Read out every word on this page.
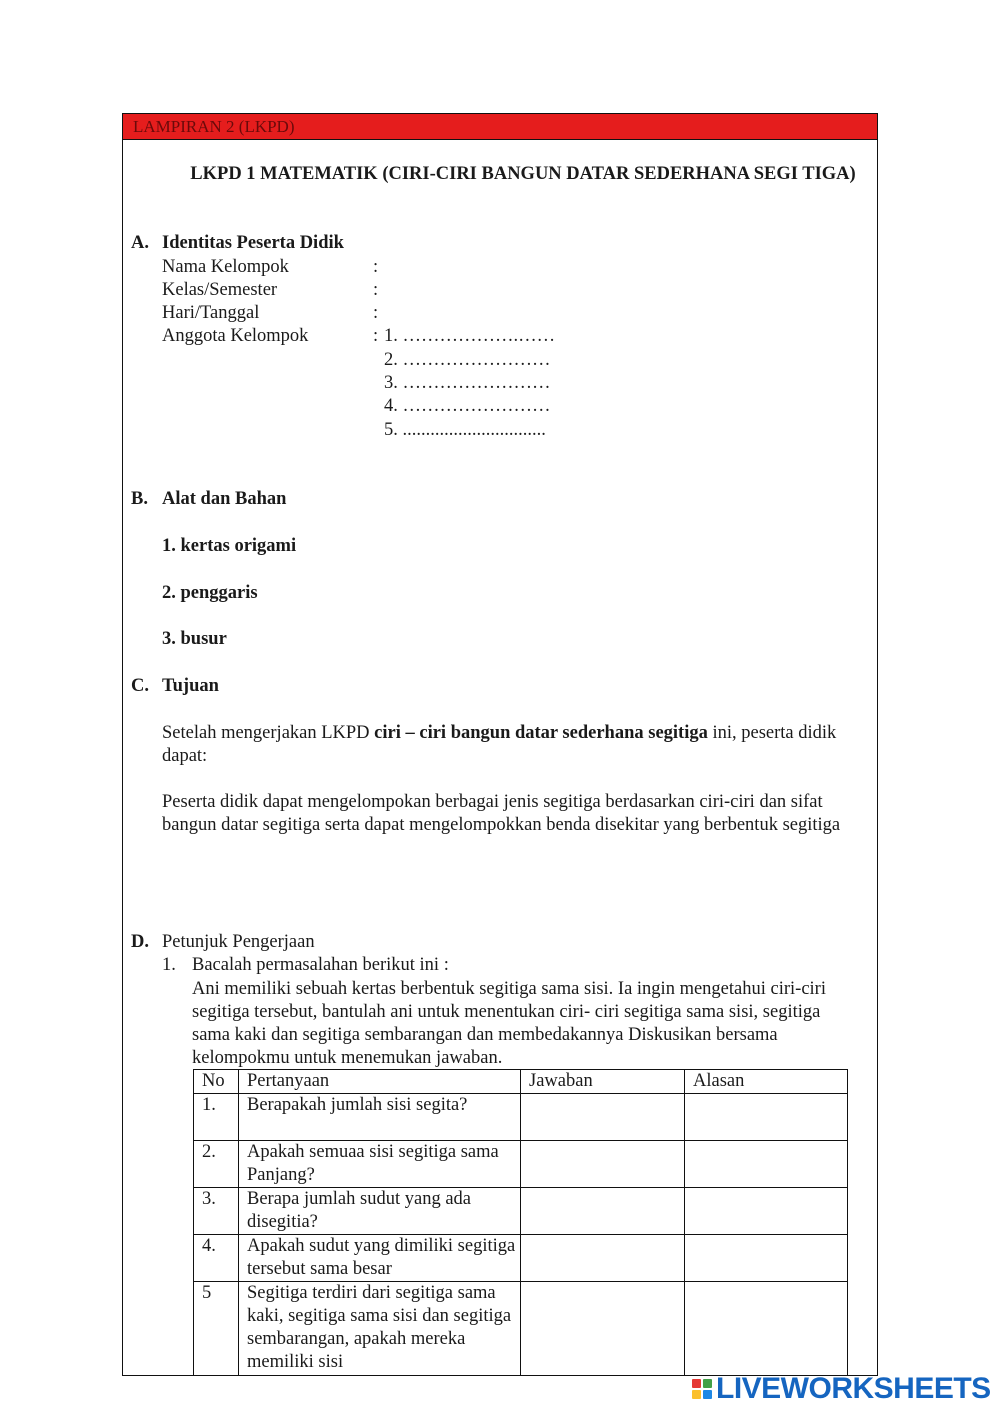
LAMPIRAN 2 (LKPD)
LKPD 1 MATEMATIK (CIRI-CIRI BANGUN DATAR SEDERHANA SEGI TIGA)
A. Identitas Peserta Didik
Nama Kelompok	:
Kelas/Semester	:
Hari/Tanggal	:
Anggota Kelompok	: 1. ……………….……
2. ……………………
3. ……………………
4. ……………………
5. ...............................
B. Alat dan Bahan
1. kertas origami
2. penggaris
3. busur
C. Tujuan
Setelah mengerjakan LKPD ciri – ciri bangun datar sederhana segitiga ini, peserta didik dapat:
Peserta didik dapat mengelompokan berbagai jenis segitiga berdasarkan ciri-ciri dan sifat bangun datar segitiga serta dapat mengelompokkan benda disekitar yang berbentuk segitiga
D. Petunjuk Pengerjaan
1. Bacalah permasalahan berikut ini :
Ani memiliki sebuah kertas berbentuk segitiga sama sisi. Ia ingin mengetahui ciri-ciri segitiga tersebut, bantulah ani untuk menentukan ciri- ciri segitiga sama sisi, segitiga sama kaki dan segitiga sembarangan dan membedakannya Diskusikan bersama kelompokmu untuk menemukan jawaban.
No	Pertanyaan	Jawaban	Alasan
1.	Berapakah jumlah sisi segita?		
2.	Apakah semuaa sisi segitiga sama Panjang?		
3.	Berapa jumlah sudut yang ada disegitia?		
4.	Apakah sudut yang dimiliki segitiga tersebut sama besar		
5	Segitiga terdiri dari segitiga sama kaki, segitiga sama sisi dan segitiga sembarangan, apakah mereka memiliki sisi		
LIVEWORKSHEETS
